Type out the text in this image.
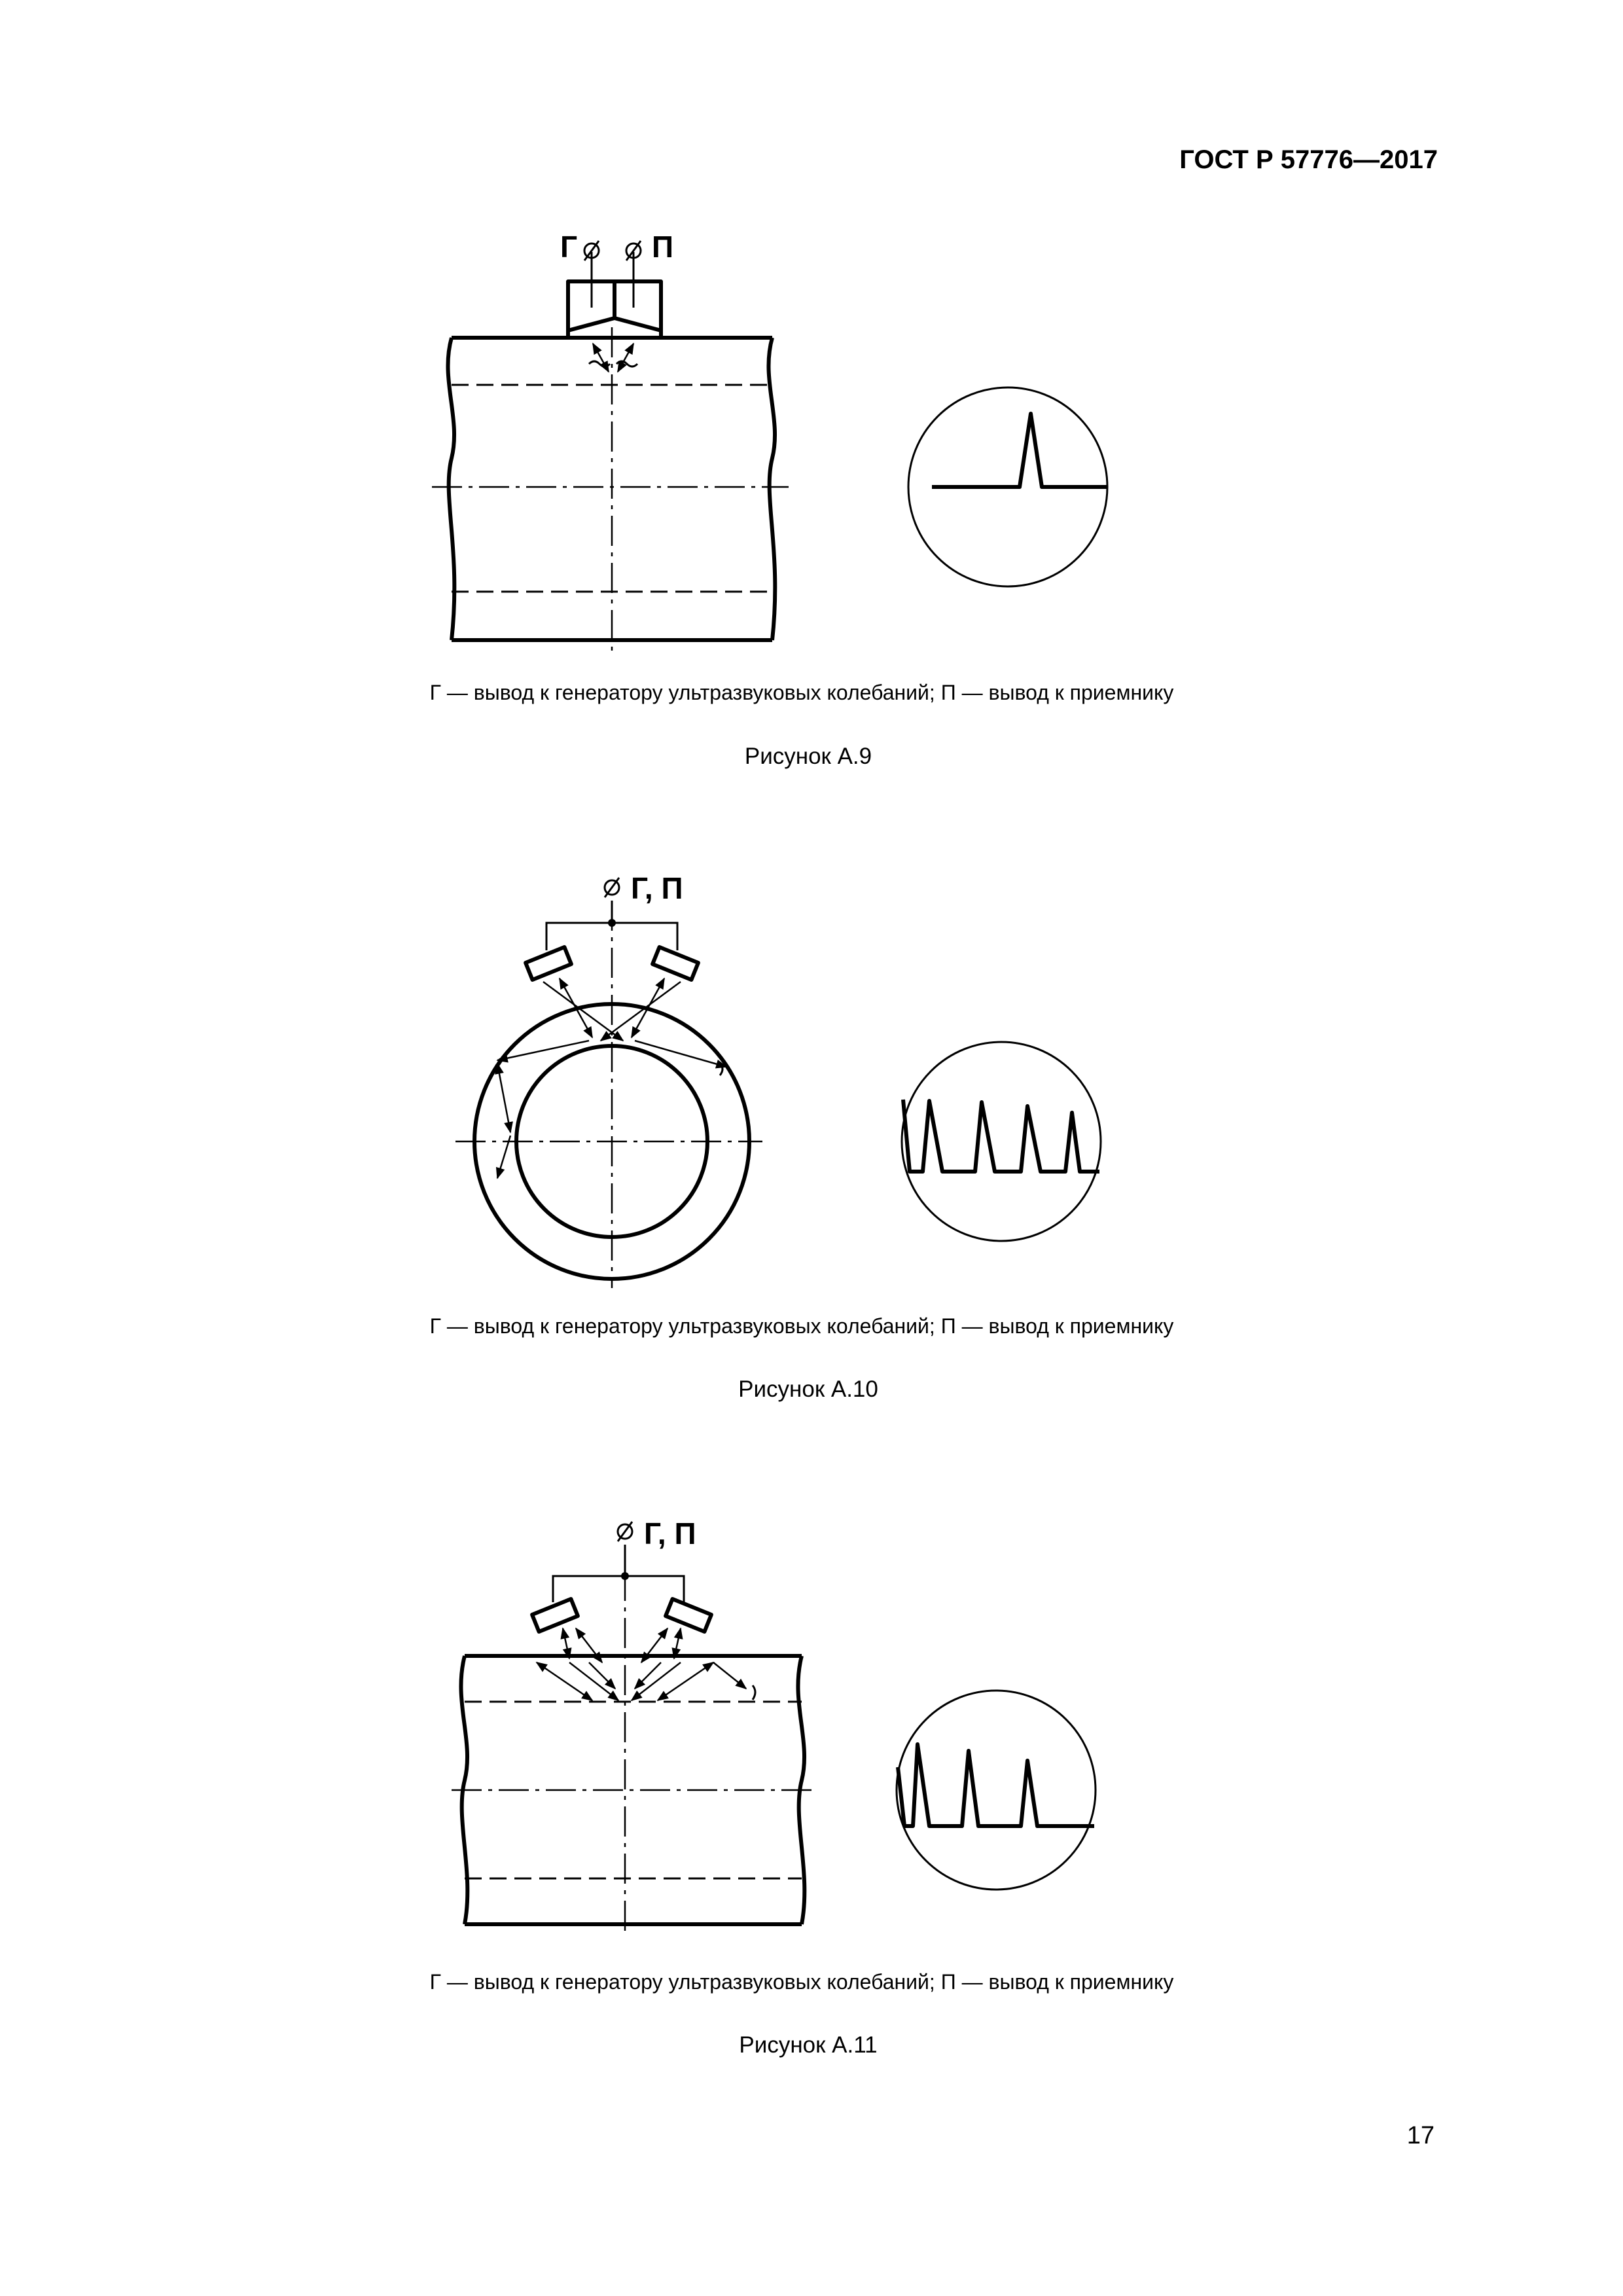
ГОСТ Р 57776—2017
Г П
Г — вывод к генератору ультразвуковых колебаний; П — вывод к приемнику
Рисунок А.9
Г, П
Г — вывод к генератору ультразвуковых колебаний; П — вывод к приемнику
Рисунок А.10
Г, П
Г — вывод к генератору ультразвуковых колебаний; П — вывод к приемнику
Рисунок А.11
17
